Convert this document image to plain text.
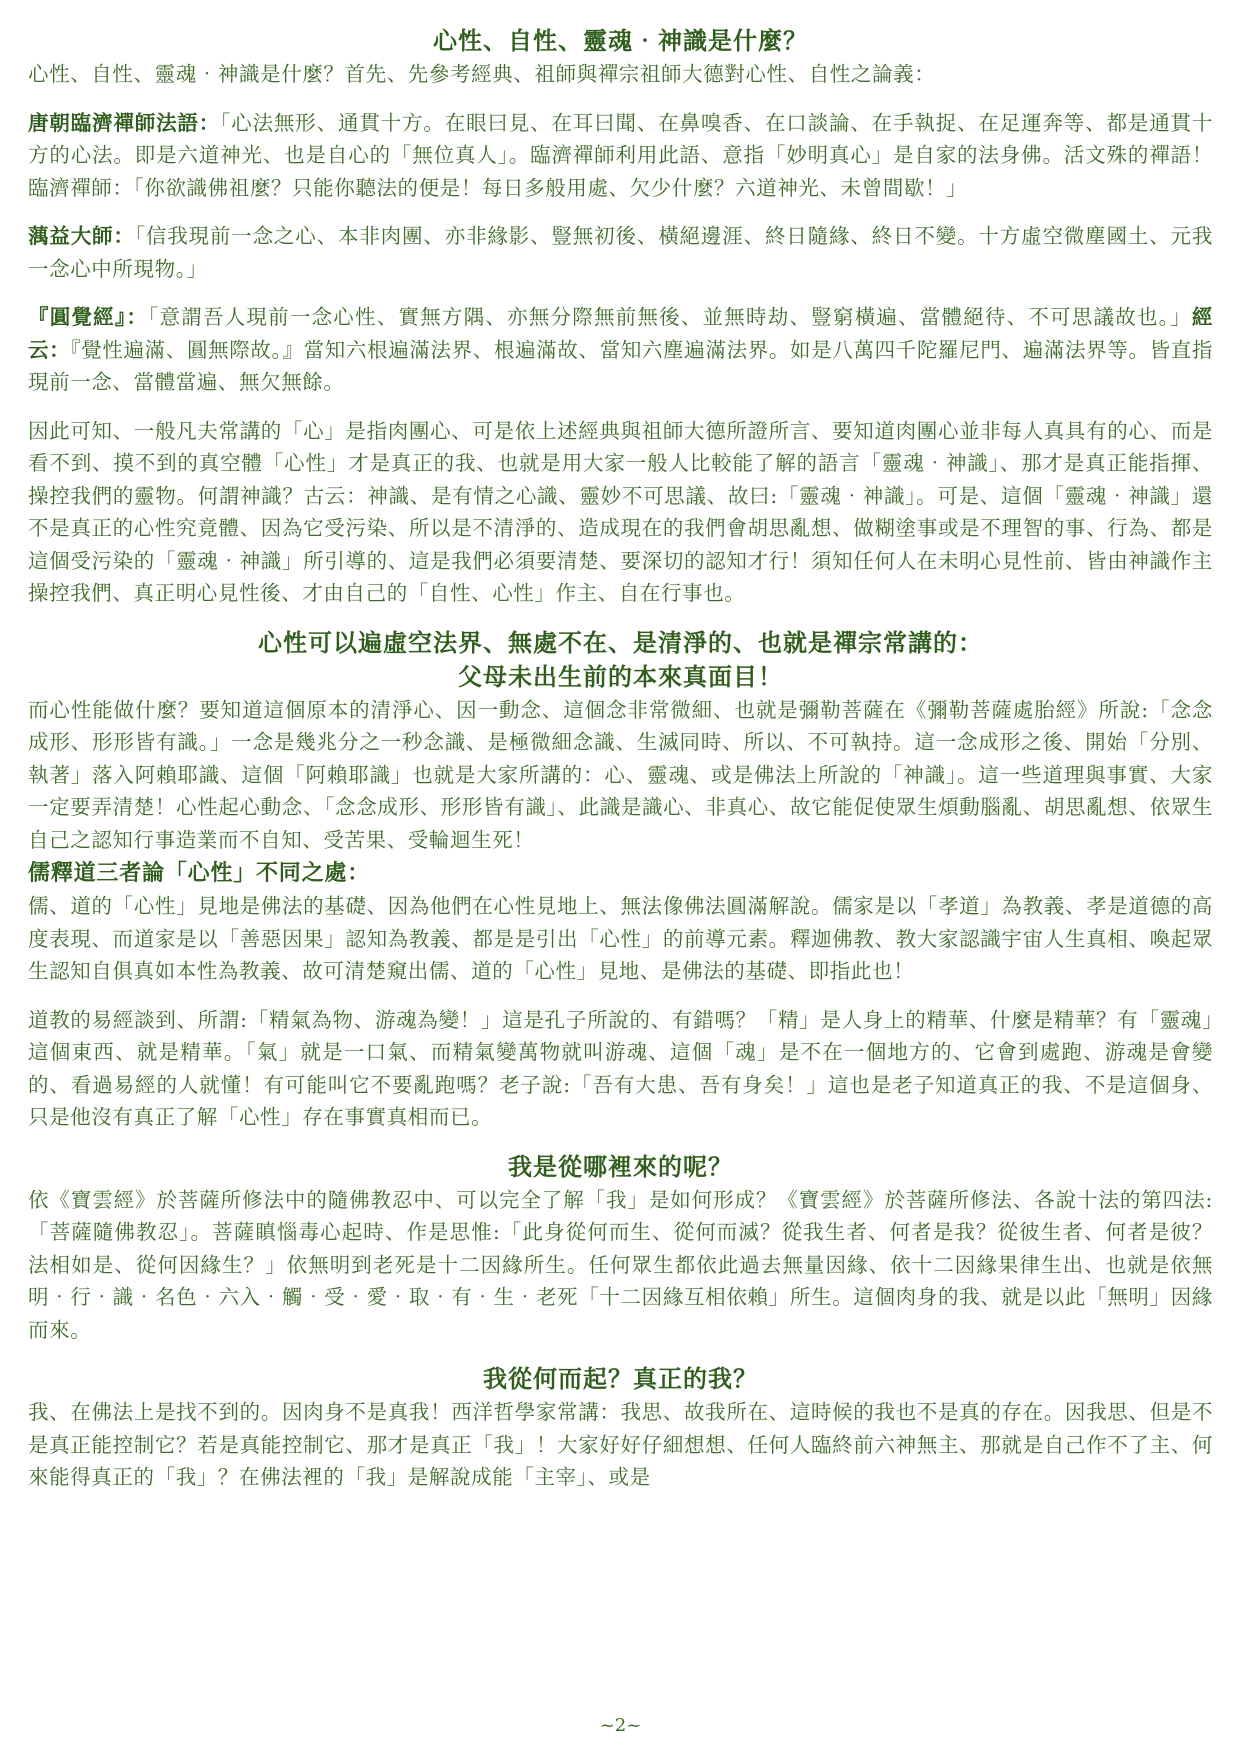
心性、自性、靈魂‧神識是什麼？

心性、自性、靈魂‧神識是什麼？首先、先參考經典、祖師與禪宗祖師大德對心性、自性之論義：

唐朝臨濟禪師法語：「心法無形、通貫十方。在眼曰見、在耳曰聞、在鼻嗅香、在口談論、在手執捉、在足運奔等、都是通貫十方的心法。即是六道神光、也是自心的「無位真人」。臨濟禪師利用此語、意指「妙明真心」是自家的法身佛。活文殊的禪語！臨濟禪師：「你欲識佛祖麼？只能你聽法的便是！每日多般用處、欠少什麼？六道神光、未曾間歇！」

蕅益大師：「信我現前一念之心、本非肉團、亦非緣影、豎無初後、橫絕邊涯、終日隨緣、終日不變。十方虛空微塵國土、元我一念心中所現物。」

『圓覺經』：「意謂吾人現前一念心性、實無方隅、亦無分際無前無後、並無時劫、豎窮橫遍、當體絕待、不可思議故也。」經云：『覺性遍滿、圓無際故。』當知六根遍滿法界、根遍滿故、當知六塵遍滿法界。如是八萬四千陀羅尼門、遍滿法界等。皆直指現前一念、當體當遍、無欠無餘。

因此可知、一般凡夫常講的「心」是指肉團心、可是依上述經典與祖師大德所證所言、要知道肉團心並非每人真具有的心、而是看不到、摸不到的真空體「心性」才是真正的我、也就是用大家一般人比較能了解的語言「靈魂‧神識」、那才是真正能指揮、操控我們的靈物。何謂神識？古云：神識、是有情之心識、靈妙不可思議、故曰:「靈魂‧神識」。可是、這個「靈魂‧神識」還不是真正的心性究竟體、因為它受污染、所以是不清淨的、造成現在的我們會胡思亂想、做糊塗事或是不理智的事、行為、都是這個受污染的「靈魂‧神識」所引導的、這是我們必須要清楚、要深切的認知才行！須知任何人在未明心見性前、皆由神識作主操控我們、真正明心見性後、才由自己的「自性、心性」作主、自在行事也。

心性可以遍虛空法界、無處不在、是清淨的、也就是禪宗常講的：
父母未出生前的本來真面目！

而心性能做什麼？要知道這個原本的清淨心、因一動念、這個念非常微細、也就是彌勒菩薩在《彌勒菩薩處胎經》所說:「念念成形、形形皆有識。」一念是幾兆分之一秒念識、是極微細念識、生滅同時、所以、不可執持。這一念成形之後、開始「分別、執著」落入阿賴耶識、這個「阿賴耶識」也就是大家所講的：心、靈魂、或是佛法上所說的「神識」。這一些道理與事實、大家一定要弄清楚！心性起心動念、「念念成形、形形皆有識」、此識是識心、非真心、故它能促使眾生煩動腦亂、胡思亂想、依眾生自己之認知行事造業而不自知、受苦果、受輪迴生死！

儒釋道三者論「心性」不同之處：

儒、道的「心性」見地是佛法的基礎、因為他們在心性見地上、無法像佛法圓滿解說。儒家是以「孝道」為教義、孝是道德的高度表現、而道家是以「善惡因果」認知為教義、都是是引出「心性」的前導元素。釋迦佛教、教大家認識宇宙人生真相、喚起眾生認知自俱真如本性為教義、故可清楚窺出儒、道的「心性」見地、是佛法的基礎、即指此也！

道教的易經談到、所謂:「精氣為物、游魂為變！」這是孔子所說的、有錯嗎？「精」是人身上的精華、什麼是精華？有「靈魂」這個東西、就是精華。「氣」就是一口氣、而精氣變萬物就叫游魂、這個「魂」是不在一個地方的、它會到處跑、游魂是會變的、看過易經的人就懂！有可能叫它不要亂跑嗎？老子說:「吾有大患、吾有身矣！」這也是老子知道真正的我、不是這個身、只是他沒有真正了解「心性」存在事實真相而已。

我是從哪裡來的呢？

依《寶雲經》於菩薩所修法中的隨佛教忍中、可以完全了解「我」是如何形成？《寶雲經》於菩薩所修法、各說十法的第四法:「菩薩隨佛教忍」。菩薩瞋惱毒心起時、作是思惟:「此身從何而生、從何而滅？從我生者、何者是我？從彼生者、何者是彼？ 法相如是、從何因緣生？」依無明到老死是十二因緣所生。任何眾生都依此過去無量因緣、依十二因緣果律生出、也就是依無明‧行‧識‧名色‧六入‧觸‧受‧愛‧取‧有‧生‧老死「十二因緣互相依賴」所生。這個肉身的我、就是以此「無明」因緣而來。

我從何而起？真正的我？

我、在佛法上是找不到的。因肉身不是真我！西洋哲學家常講：我思、故我所在、這時候的我也不是真的存在。因我思、但是不是真正能控制它？若是真能控制它、那才是真正「我」！大家好好仔細想想、任何人臨終前六神無主、那就是自己作不了主、何來能得真正的「我」？在佛法裡的「我」是解說成能「主宰」、或是

~2~
